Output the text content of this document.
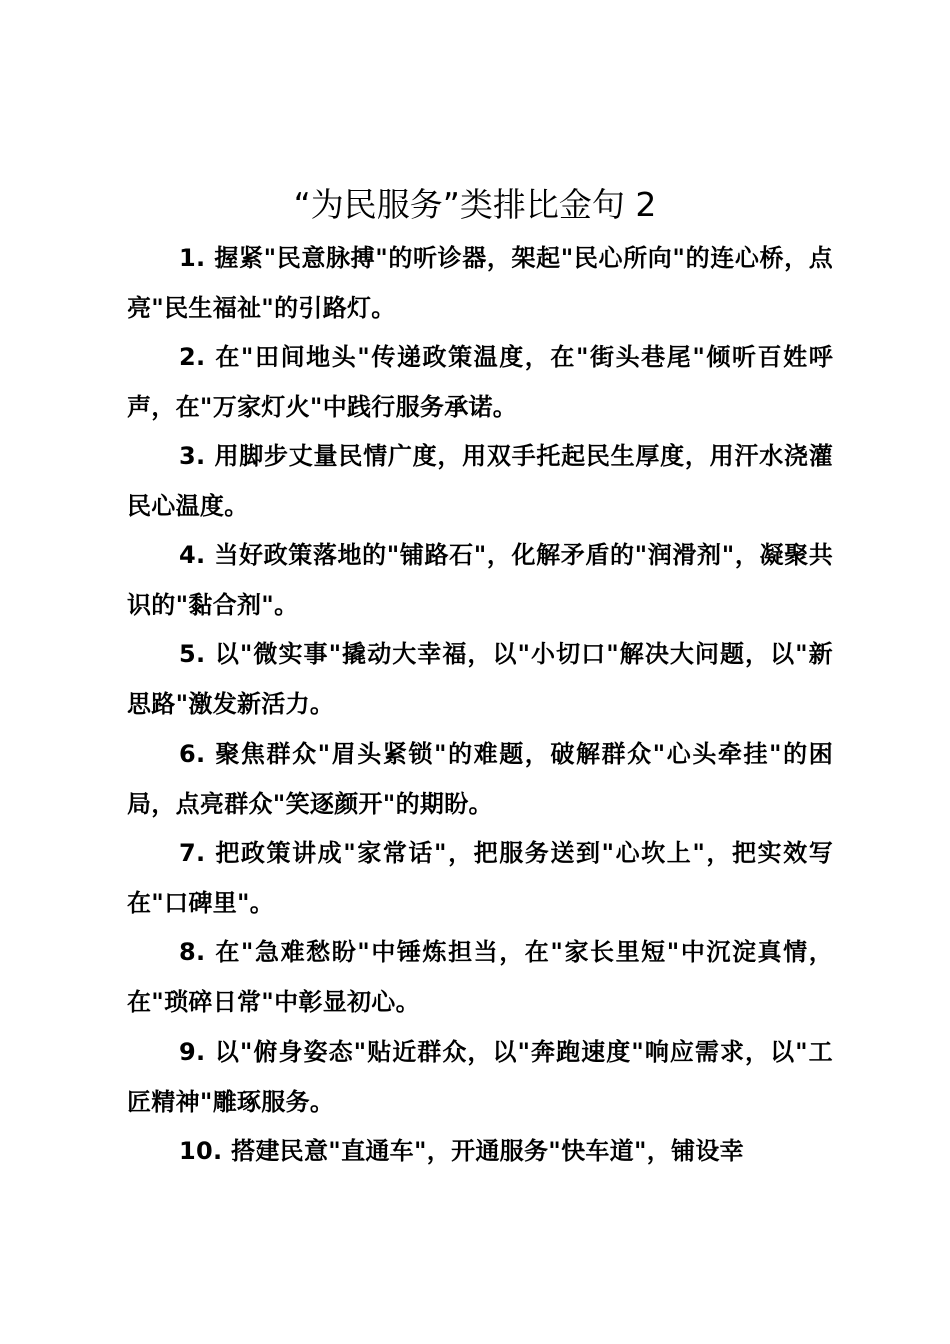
“为民服务”类排比金句 2

1. 握紧"民意脉搏"的听诊器，架起"民心所向"的连心桥，点亮"民生福祉"的引路灯。

2. 在"田间地头"传递政策温度，在"街头巷尾"倾听百姓呼声，在"万家灯火"中践行服务承诺。

3. 用脚步丈量民情广度，用双手托起民生厚度，用汗水浇灌民心温度。

4. 当好政策落地的"铺路石"，化解矛盾的"润滑剂"，凝聚共识的"黏合剂"。

5. 以"微实事"撬动大幸福，以"小切口"解决大问题，以"新思路"激发新活力。

6. 聚焦群众"眉头紧锁"的难题，破解群众"心头牵挂"的困局，点亮群众"笑逐颜开"的期盼。

7. 把政策讲成"家常话"，把服务送到"心坎上"，把实效写在"口碑里"。

8. 在"急难愁盼"中锤炼担当，在"家长里短"中沉淀真情，在"琐碎日常"中彰显初心。

9. 以"俯身姿态"贴近群众，以"奔跑速度"响应需求，以"工匠精神"雕琢服务。

10. 搭建民意"直通车"，开通服务"快车道"，铺设幸
